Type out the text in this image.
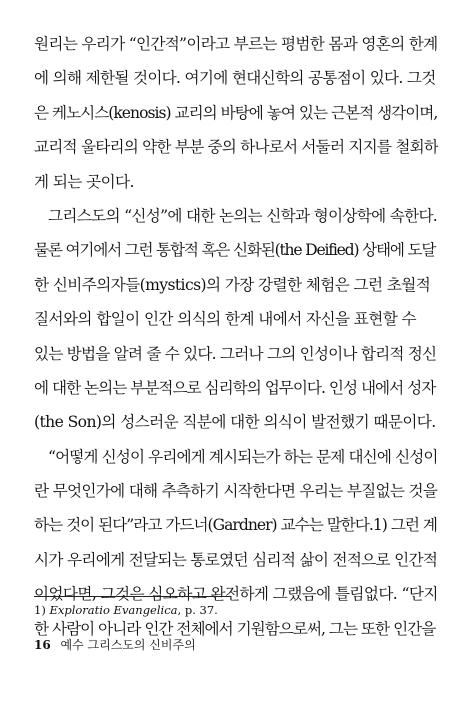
원리는 우리가 “인간적”이라고 부르는 평범한 몸과 영혼의 한계
에 의해 제한될 것이다. 여기에 현대신학의 공통점이 있다. 그것
은 케노시스(kenosis) 교리의 바탕에 놓여 있는 근본적 생각이며,
교리적 울타리의 약한 부분 중의 하나로서 서둘러 지지를 철회하
게 되는 곳이다.
그리스도의 “신성”에 대한 논의는 신학과 형이상학에 속한다.
물론 여기에서 그런 통합적 혹은 신화된(the Deified) 상태에 도달
한 신비주의자들(mystics)의 가장 강렬한 체험은 그런 초월적
질서와의 합일이 인간 의식의 한계 내에서 자신을 표현할 수
있는 방법을 알려 줄 수 있다. 그러나 그의 인성이나 합리적 정신
에 대한 논의는 부분적으로 심리학의 업무이다. 인성 내에서 성자
(the Son)의 성스러운 직분에 대한 의식이 발전했기 때문이다.
“어떻게 신성이 우리에게 계시되는가 하는 문제 대신에 신성이
란 무엇인가에 대해 추측하기 시작한다면 우리는 부질없는 것을
하는 것이 된다”라고 가드너(Gardner) 교수는 말한다.1) 그런 계
시가 우리에게 전달되는 통로였던 심리적 삶이 전적으로 인간적
이었다면, 그것은 심오하고 완전하게 그랬음에 틀림없다. “단지
한 사람이 아니라 인간 전체에서 기원함으로써, 그는 또한 인간을
1) Exploratio Evangelica, p. 37.
16 예수 그리스도의 신비주의
